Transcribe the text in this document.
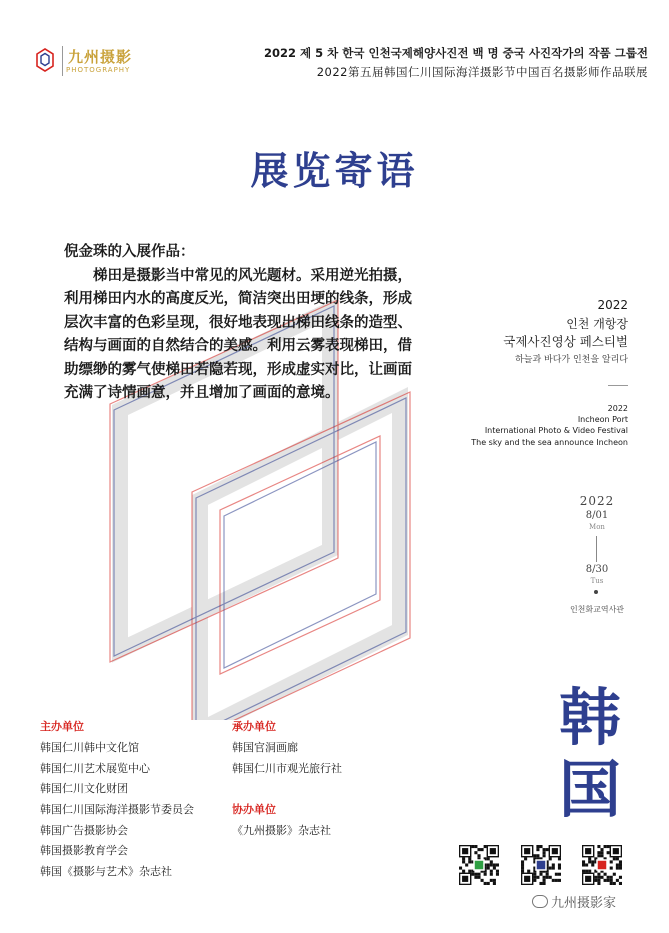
九州摄影
PHOTOGRAPHY
2022 제 5 차 한국 인천국제해양사진전 백 명 중국 사진작가의 작품 그룹전
2022第五届韩国仁川国际海洋摄影节中国百名摄影师作品联展
展览寄语
倪金珠的入展作品：
梯田是摄影当中常见的风光题材。采用逆光拍摄，利用梯田内水的高度反光，简洁突出田埂的线条，形成层次丰富的色彩呈现，很好地表现出梯田线条的造型、结构与画面的自然结合的美感。利用云雾表现梯田，借助缥缈的雾气使梯田若隐若现，形成虚实对比，让画面充满了诗情画意，并且增加了画面的意境。
2022
인천 개항장
국제사진영상 페스티벌
하늘과 바다가 인천을 알리다
2022
Incheon Port
International Photo & Video Festival
The sky and the sea announce Incheon
2022
8/01
Mon
8/30
Tus
인천화교역사관
韩
国
主办单位
韩国仁川韩中文化馆
韩国仁川艺术展览中心
韩国仁川文化财团
韩国仁川国际海洋摄影节委员会
韩国广告摄影协会
韩国摄影教育学会
韩国《摄影与艺术》杂志社
承办单位
韩国官洞画廊
韩国仁川市观光旅行社
协办单位
《九州摄影》杂志社
九州摄影家
